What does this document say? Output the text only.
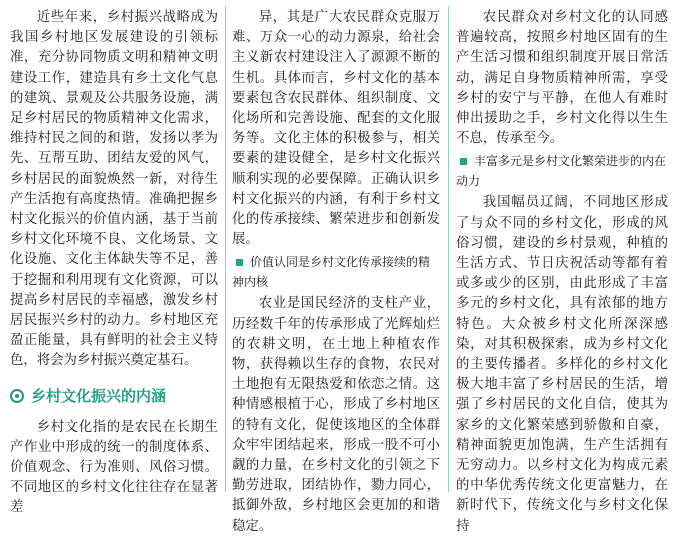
近些年来，乡村振兴战略成为我国乡村地区发展建设的引领标准，充分协同物质文明和精神文明建设工作，建造具有乡土文化气息的建筑、景观及公共服务设施，满足乡村居民的物质精神文化需求，维持村民之间的和谐，发扬以孝为先、互帮互助、团结友爱的风气，乡村居民的面貌焕然一新，对待生产生活抱有高度热情。准确把握乡村文化振兴的价值内涵，基于当前乡村文化环境不良、文化场景、文化设施、文化主体缺失等不足，善于挖掘和利用现有文化资源，可以提高乡村居民的幸福感，激发乡村居民振兴乡村的动力。乡村地区充盈正能量，具有鲜明的社会主义特色，将会为乡村振兴奠定基石。

乡村文化振兴的内涵

乡村文化指的是农民在长期生产作业中形成的统一的制度体系、价值观念、行为准则、风俗习惯。不同地区的乡村文化往往存在显著差

异，其是广大农民群众克服万难、万众一心的动力源泉，给社会主义新农村建设注入了源源不断的生机。具体而言，乡村文化的基本要素包含农民群体、组织制度、文化场所和完善设施、配套的文化服务等。文化主体的积极参与，相关要素的建设健全，是乡村文化振兴顺利实现的必要保障。正确认识乡村文化振兴的内涵，有利于乡村文化的传承接续、繁荣进步和创新发展。

价值认同是乡村文化传承接续的精神内核

农业是国民经济的支柱产业，历经数千年的传承形成了光辉灿烂的农耕文明，在土地上种植农作物，获得赖以生存的食物，农民对土地抱有无限热爱和依恋之情。这种情感根植于心，形成了乡村地区的特有文化，促使该地区的全体群众牢牢团结起来，形成一股不可小觑的力量，在乡村文化的引领之下勤劳进取，团结协作，勠力同心，抵御外敌，乡村地区会更加的和谐稳定。

农民群众对乡村文化的认同感普遍较高，按照乡村地区固有的生产生活习惯和组织制度开展日常活动，满足自身物质精神所需，享受乡村的安宁与平静，在他人有难时伸出援助之手，乡村文化得以生生不息，传承至今。

丰富多元是乡村文化繁荣进步的内在动力

我国幅员辽阔，不同地区形成了与众不同的乡村文化，形成的风俗习惯，建设的乡村景观，种植的生活方式、节日庆祝活动等都有着或多或少的区别，由此形成了丰富多元的乡村文化，具有浓郁的地方特色。大众被乡村文化所深深感染，对其积极探索，成为乡村文化的主要传播者。多样化的乡村文化极大地丰富了乡村居民的生活，增强了乡村居民的文化自信，使其为家乡的文化繁荣感到骄傲和自豪，精神面貌更加饱满，生产生活拥有无穷动力。以乡村文化为构成元素的中华优秀传统文化更富魅力，在新时代下，传统文化与乡村文化保持
